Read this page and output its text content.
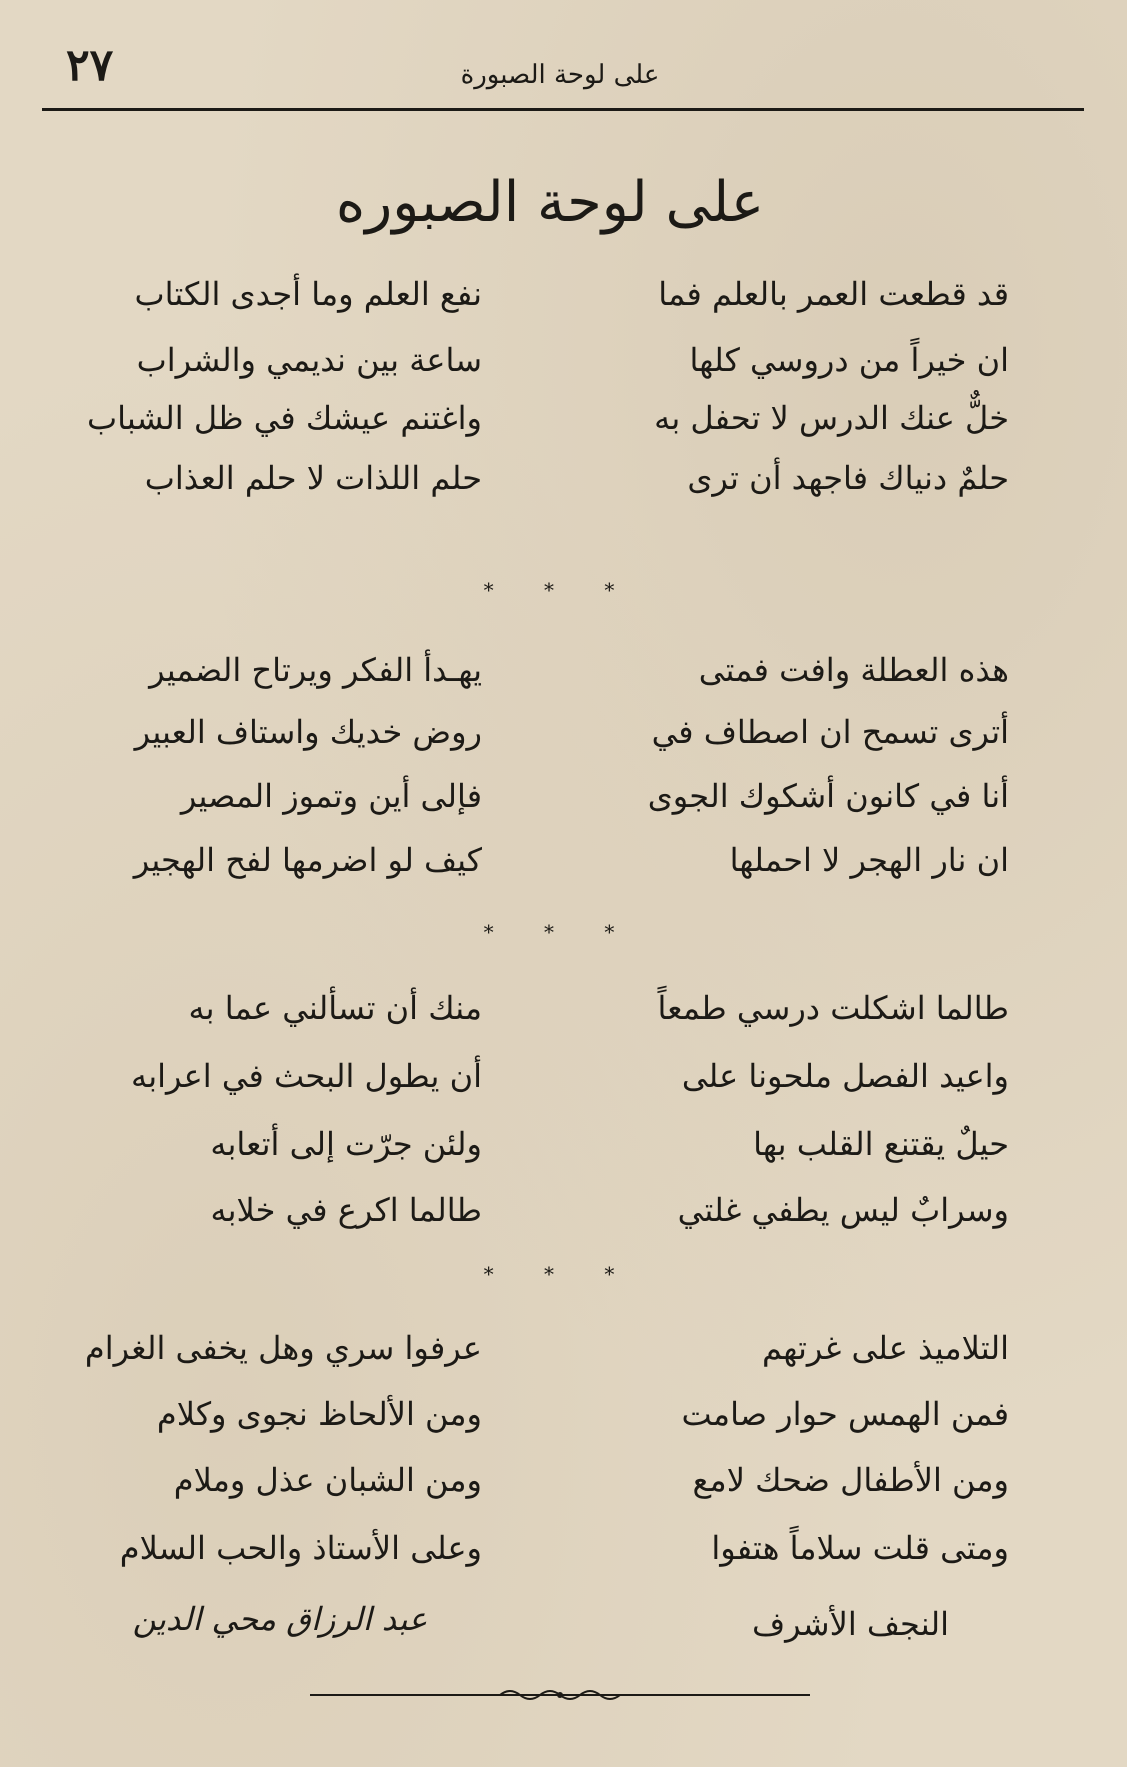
٢٧	على لوحة الصبورة
على لوحة الصبوره
قد قطعت العمر بالعلم فما
نفع العلم وما أجدى الكتاب
ان خيراً من دروسي كلها
ساعة بين نديمي والشراب
خلٌّ عنك الدرس لا تحفل به
واغتنم عيشك في ظل الشباب
حلمٌ دنياك فاجهد أن ترى
حلم اللذات لا حلم العذاب
* * *
هذه العطلة وافت فمتى
يهـدأ الفكر ويرتاح الضمير
أترى تسمح ان اصطاف في
روض خديك واستاف العبير
أنا في كانون أشكوك الجوى
فإلى أين وتموز المصير
ان نار الهجر لا احملها
كيف لو اضرمها لفح الهجير
* * *
طالما اشكلت درسي طمعاً
منك أن تسألني عما به
واعيد الفصل ملحونا على
أن يطول البحث في اعرابه
حيلٌ يقتنع القلب بها
ولئن جرّت إلى أتعابه
وسرابٌ ليس يطفي غلتي
طالما اكرع في خلابه
* * *
التلاميذ على غرتهم
عرفوا سري وهل يخفى الغرام
فمن الهمس حوار صامت
ومن الألحاظ نجوى وكلام
ومن الأطفال ضحك لامع
ومن الشبان عذل وملام
ومتى قلت سلاماً هتفوا
وعلى الأستاذ والحب السلام
النجف الأشرف
عبد الرزاق محي الدين
